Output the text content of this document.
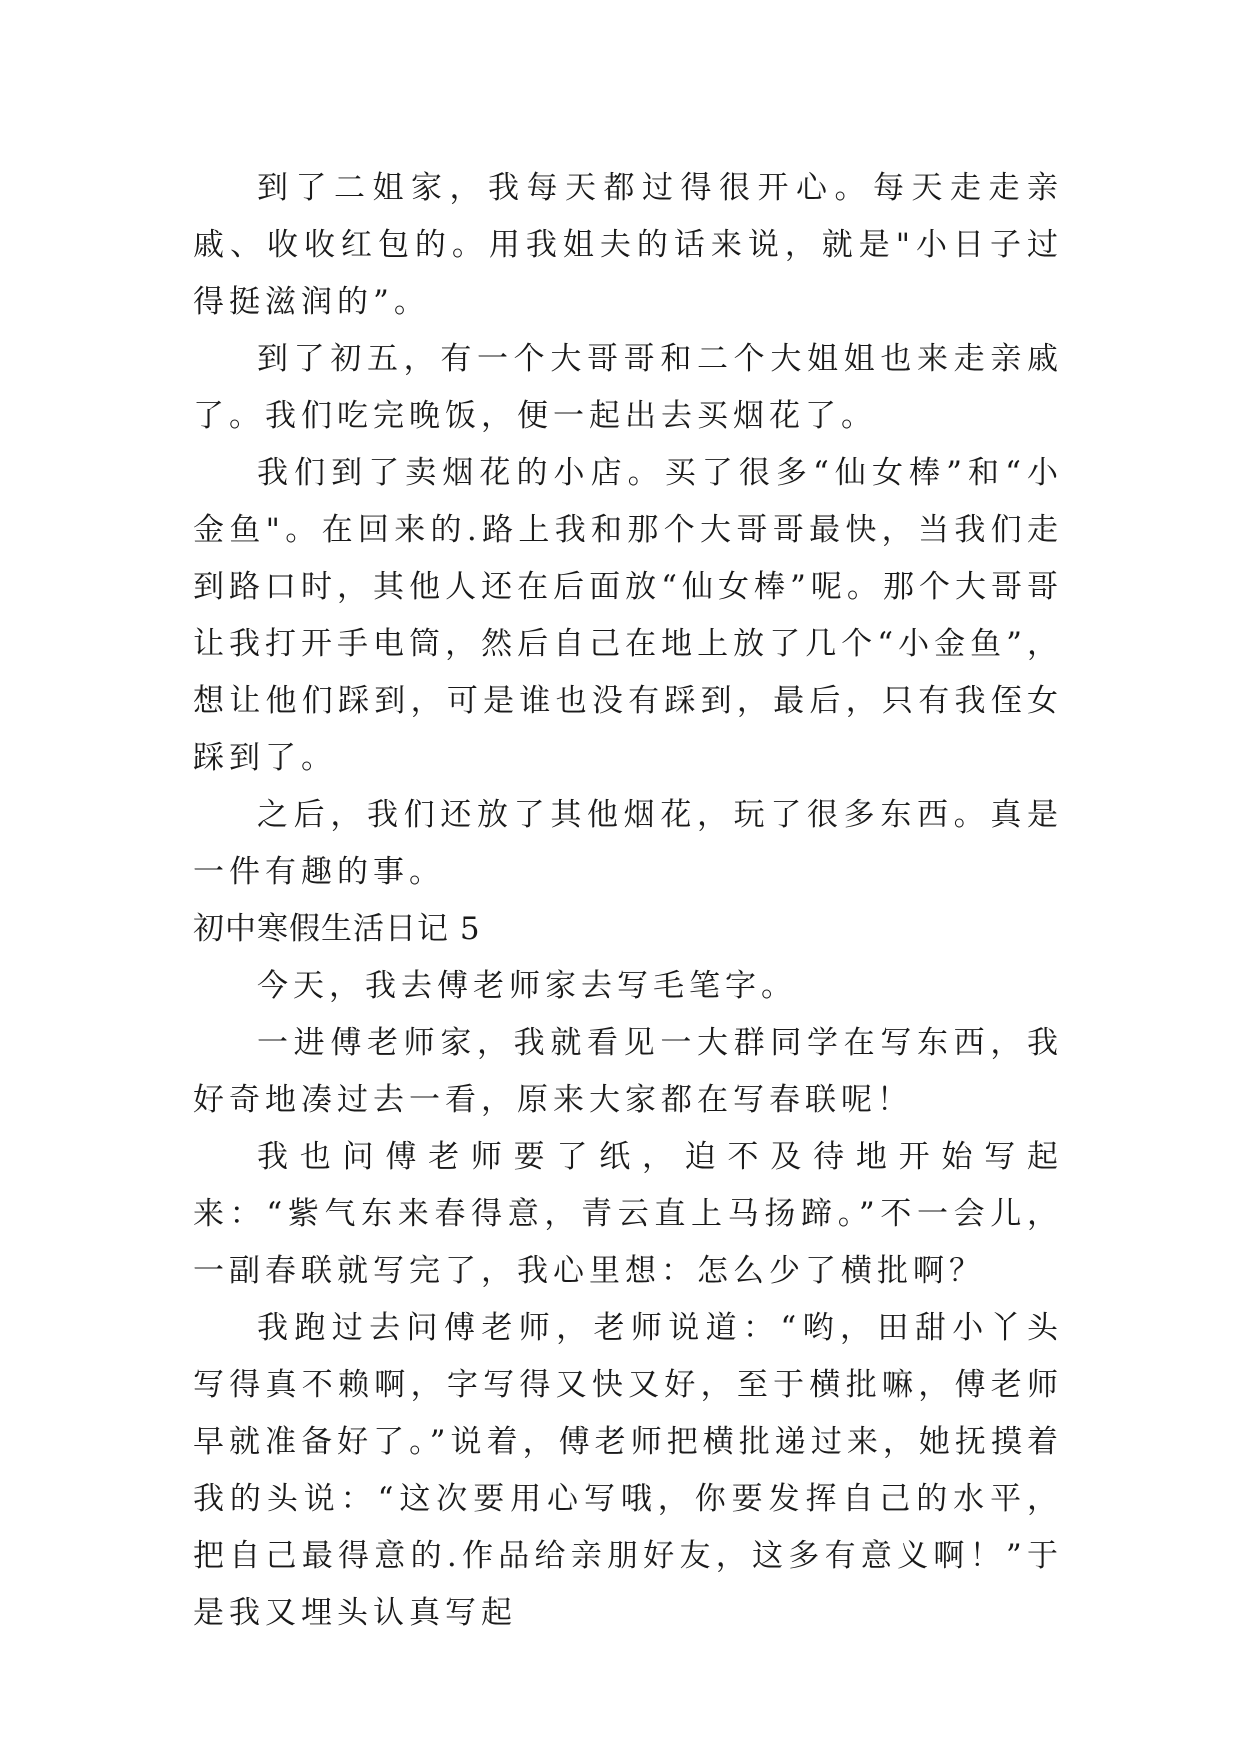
到了二姐家，我每天都过得很开心。每天走走亲戚、收收红包的。用我姐夫的话来说，就是"小日子过得挺滋润的”。

到了初五，有一个大哥哥和二个大姐姐也来走亲戚了。我们吃完晚饭，便一起出去买烟花了。

我们到了卖烟花的小店。买了很多“仙女棒”和“小金鱼"。在回来的.路上我和那个大哥哥最快，当我们走到路口时，其他人还在后面放“仙女棒”呢。那个大哥哥让我打开手电筒，然后自己在地上放了几个“小金鱼”，想让他们踩到，可是谁也没有踩到，最后，只有我侄女踩到了。

之后，我们还放了其他烟花，玩了很多东西。真是一件有趣的事。

初中寒假生活日记 5

今天，我去傅老师家去写毛笔字。

一进傅老师家，我就看见一大群同学在写东西，我好奇地凑过去一看，原来大家都在写春联呢！

我也问傅老师要了纸，迫不及待地开始写起来：“紫气东来春得意，青云直上马扬蹄。”不一会儿，一副春联就写完了，我心里想：怎么少了横批啊？

我跑过去问傅老师，老师说道：“哟，田甜小丫头写得真不赖啊，字写得又快又好，至于横批嘛，傅老师早就准备好了。”说着，傅老师把横批递过来，她抚摸着我的头说：“这次要用心写哦，你要发挥自己的水平，把自己最得意的.作品给亲朋好友，这多有意义啊！”于是我又埋头认真写起
